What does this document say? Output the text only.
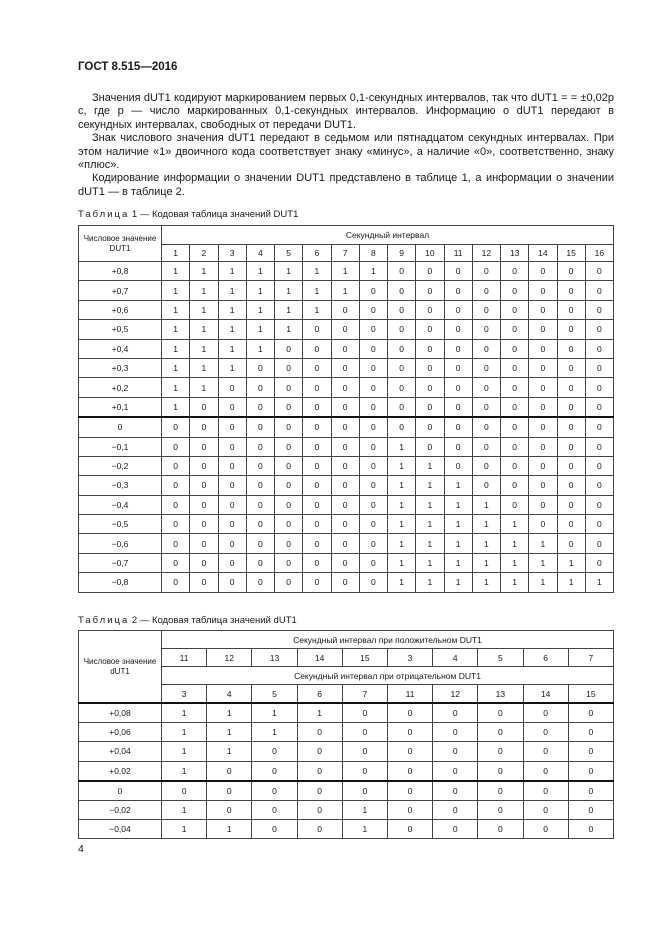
ГОСТ 8.515—2016

Значения dUT1 кодируют маркированием первых 0,1-секундных интервалов, так что dUT1 = = ±0,02p с, где p — число маркированных 0,1-секундных интервалов. Информацию о dUT1 передают в секундных интервалах, свободных от передачи DUT1.

Знак числового значения dUT1 передают в седьмом или пятнадцатом секундных интервалах. При этом наличие «1» двоичного кода соответствует знаку «минус», а наличие «0», соответственно, знаку «плюс».

Кодирование информации о значении DUT1 представлено в таблице 1, а информации о значении dUT1 — в таблице 2.

Таблица 1 — Кодовая таблица значений DUT1
Числовое значение DUT1	Секундный интервал															
	1	2	3	4	5	6	7	8	9	10	11	12	13	14	15	16
+0,8	1	1	1	1	1	1	1	1	0	0	0	0	0	0	0	0
+0,7	1	1	1	1	1	1	1	0	0	0	0	0	0	0	0	0
+0,6	1	1	1	1	1	1	0	0	0	0	0	0	0	0	0	0
+0,5	1	1	1	1	1	0	0	0	0	0	0	0	0	0	0	0
+0,4	1	1	1	1	0	0	0	0	0	0	0	0	0	0	0	0
+0,3	1	1	1	0	0	0	0	0	0	0	0	0	0	0	0	0
+0,2	1	1	0	0	0	0	0	0	0	0	0	0	0	0	0	0
+0,1	1	0	0	0	0	0	0	0	0	0	0	0	0	0	0	0
0	0	0	0	0	0	0	0	0	0	0	0	0	0	0	0	0
−0,1	0	0	0	0	0	0	0	0	1	0	0	0	0	0	0	0
−0,2	0	0	0	0	0	0	0	0	1	1	0	0	0	0	0	0
−0,3	0	0	0	0	0	0	0	0	1	1	1	0	0	0	0	0
−0,4	0	0	0	0	0	0	0	0	1	1	1	1	0	0	0	0
−0,5	0	0	0	0	0	0	0	0	1	1	1	1	1	0	0	0
−0,6	0	0	0	0	0	0	0	0	1	1	1	1	1	1	0	0
−0,7	0	0	0	0	0	0	0	0	1	1	1	1	1	1	1	0
−0,8	0	0	0	0	0	0	0	0	1	1	1	1	1	1	1	1
Таблица 2 — Кодовая таблица значений dUT1
Числовое значение dUT1	Секундный интервал при положительном DUT1									
	11	12	13	14	15	3	4	5	6	7
	Секундный интервал при отрицательном DUT1									
	3	4	5	6	7	11	12	13	14	15
+0,08	1	1	1	1	0	0	0	0	0	0
+0,06	1	1	1	0	0	0	0	0	0	0
+0,04	1	1	0	0	0	0	0	0	0	0
+0,02	1	0	0	0	0	0	0	0	0	0
0	0	0	0	0	0	0	0	0	0	0
−0,02	1	0	0	0	1	0	0	0	0	0
−0,04	1	1	0	0	1	0	0	0	0	0
4
